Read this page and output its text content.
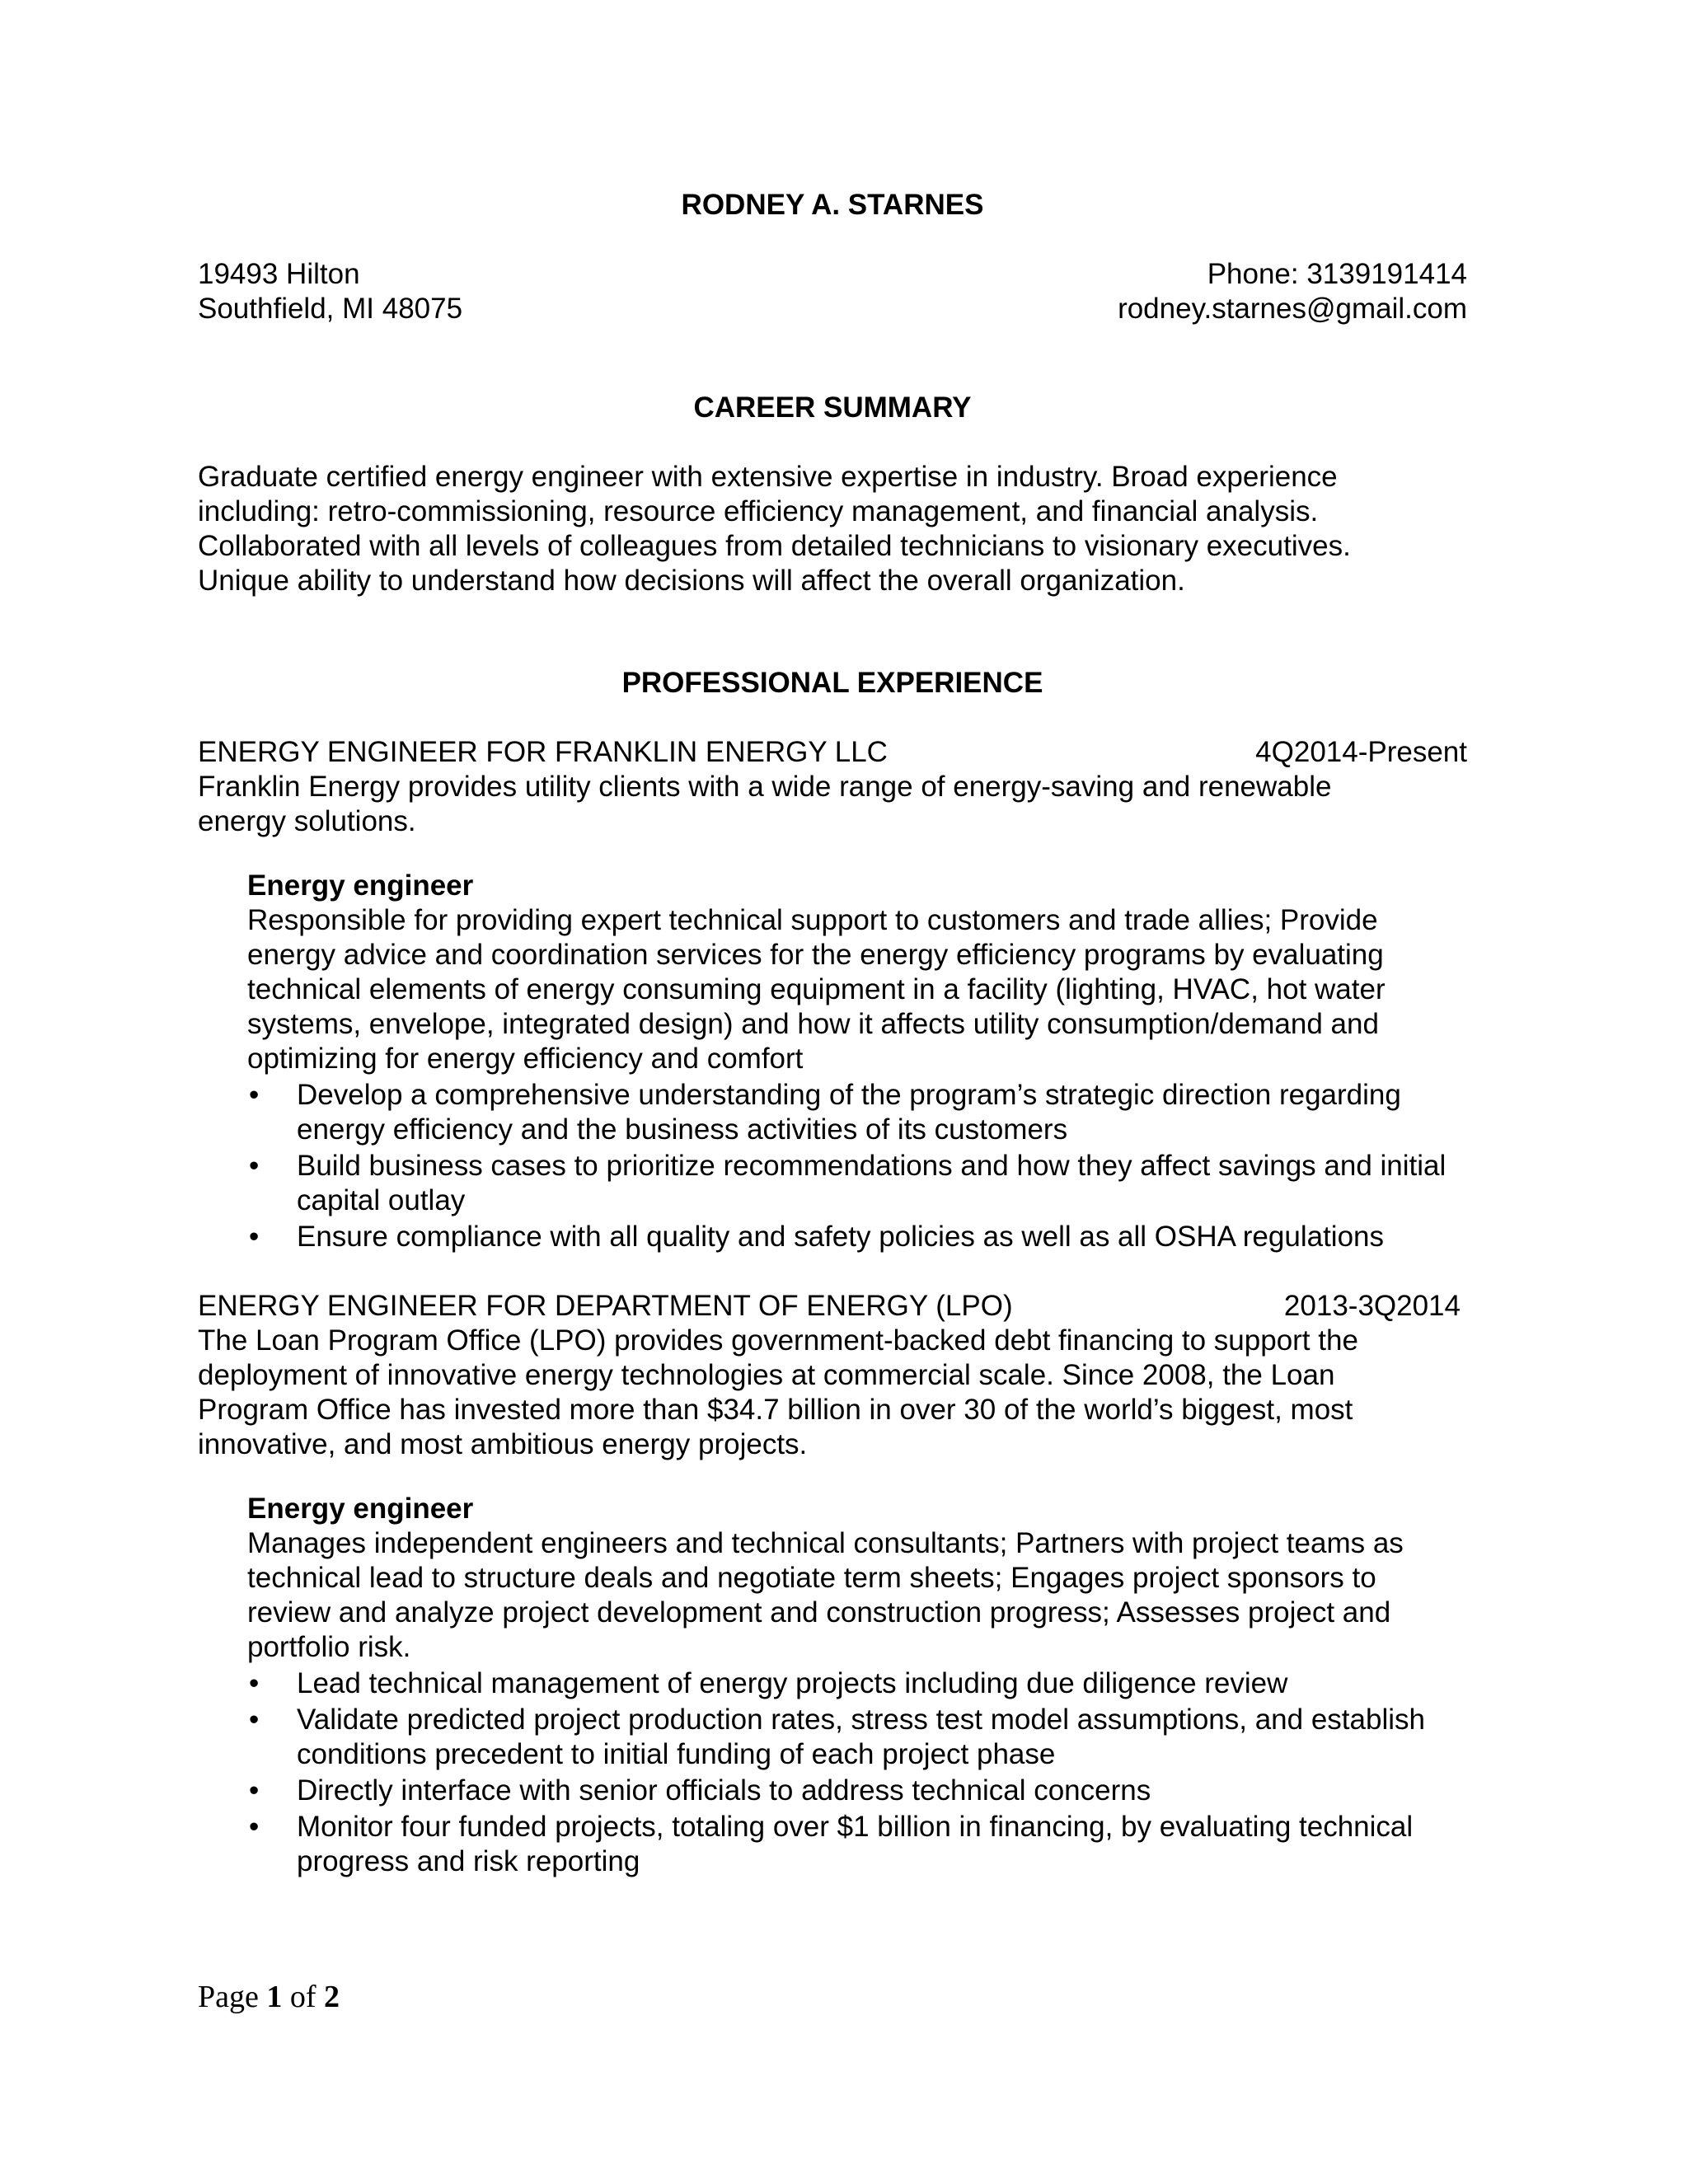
RODNEY A. STARNES

19493 Hilton	Phone: 3139191414
Southfield, MI 48075	rodney.starnes@gmail.com

CAREER SUMMARY

Graduate certified energy engineer with extensive expertise in industry. Broad experience including: retro-commissioning, resource efficiency management, and financial analysis. Collaborated with all levels of colleagues from detailed technicians to visionary executives. Unique ability to understand how decisions will affect the overall organization.

PROFESSIONAL EXPERIENCE

ENERGY ENGINEER FOR FRANKLIN ENERGY LLC	4Q2014-Present

Franklin Energy provides utility clients with a wide range of energy-saving and renewable energy solutions.

Energy engineer

Responsible for providing expert technical support to customers and trade allies; Provide energy advice and coordination services for the energy efficiency programs by evaluating technical elements of energy consuming equipment in a facility (lighting, HVAC, hot water systems, envelope, integrated design) and how it affects utility consumption/demand and optimizing for energy efficiency and comfort

• Develop a comprehensive understanding of the program’s strategic direction regarding energy efficiency and the business activities of its customers
• Build business cases to prioritize recommendations and how they affect savings and initial capital outlay
• Ensure compliance with all quality and safety policies as well as all OSHA regulations
ENERGY ENGINEER FOR DEPARTMENT OF ENERGY (LPO)	2013-3Q2014

The Loan Program Office (LPO) provides government-backed debt financing to support the deployment of innovative energy technologies at commercial scale. Since 2008, the Loan Program Office has invested more than $34.7 billion in over 30 of the world’s biggest, most innovative, and most ambitious energy projects.

Energy engineer

Manages independent engineers and technical consultants; Partners with project teams as technical lead to structure deals and negotiate term sheets; Engages project sponsors to review and analyze project development and construction progress; Assesses project and portfolio risk.

• Lead technical management of energy projects including due diligence review
• Validate predicted project production rates, stress test model assumptions, and establish conditions precedent to initial funding of each project phase
• Directly interface with senior officials to address technical concerns
• Monitor four funded projects, totaling over $1 billion in financing, by evaluating technical progress and risk reporting
Page 1 of 2
